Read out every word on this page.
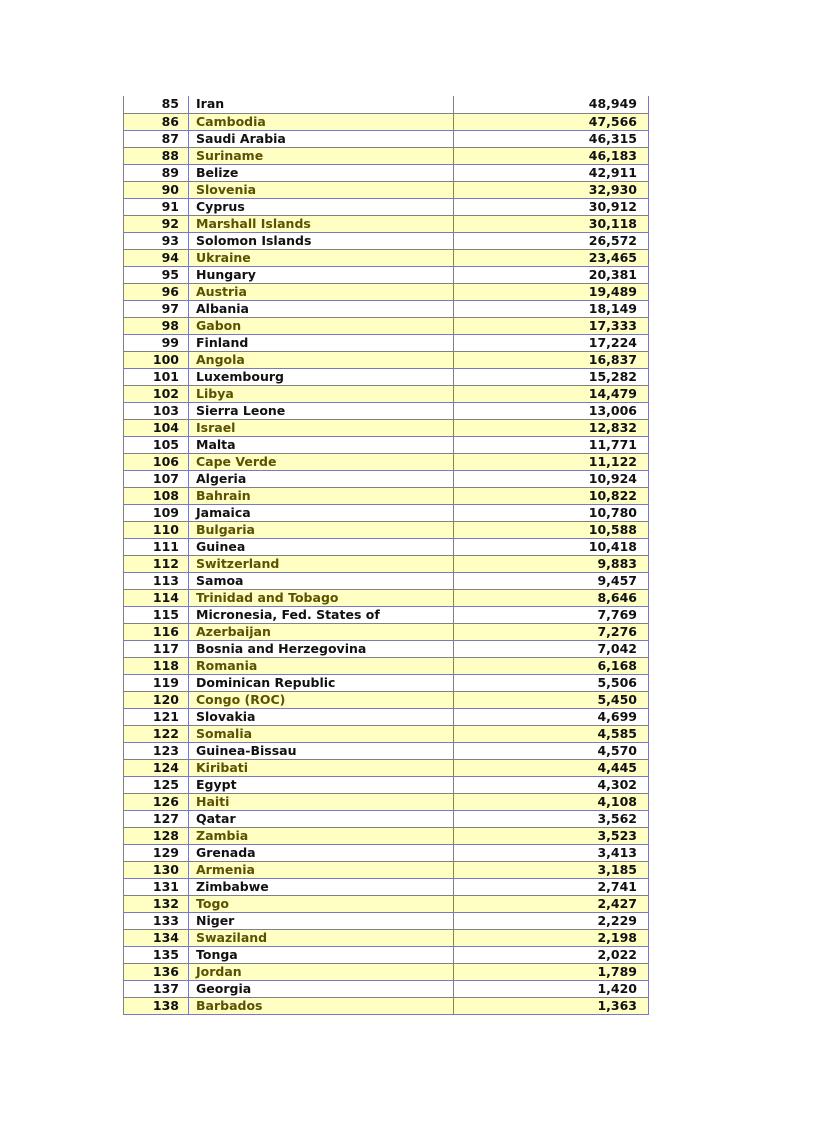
85	Iran	48,949
86	Cambodia	47,566
87	Saudi Arabia	46,315
88	Suriname	46,183
89	Belize	42,911
90	Slovenia	32,930
91	Cyprus	30,912
92	Marshall Islands	30,118
93	Solomon Islands	26,572
94	Ukraine	23,465
95	Hungary	20,381
96	Austria	19,489
97	Albania	18,149
98	Gabon	17,333
99	Finland	17,224
100	Angola	16,837
101	Luxembourg	15,282
102	Libya	14,479
103	Sierra Leone	13,006
104	Israel	12,832
105	Malta	11,771
106	Cape Verde	11,122
107	Algeria	10,924
108	Bahrain	10,822
109	Jamaica	10,780
110	Bulgaria	10,588
111	Guinea	10,418
112	Switzerland	9,883
113	Samoa	9,457
114	Trinidad and Tobago	8,646
115	Micronesia, Fed. States of	7,769
116	Azerbaijan	7,276
117	Bosnia and Herzegovina	7,042
118	Romania	6,168
119	Dominican Republic	5,506
120	Congo (ROC)	5,450
121	Slovakia	4,699
122	Somalia	4,585
123	Guinea-Bissau	4,570
124	Kiribati	4,445
125	Egypt	4,302
126	Haiti	4,108
127	Qatar	3,562
128	Zambia	3,523
129	Grenada	3,413
130	Armenia	3,185
131	Zimbabwe	2,741
132	Togo	2,427
133	Niger	2,229
134	Swaziland	2,198
135	Tonga	2,022
136	Jordan	1,789
137	Georgia	1,420
138	Barbados	1,363
